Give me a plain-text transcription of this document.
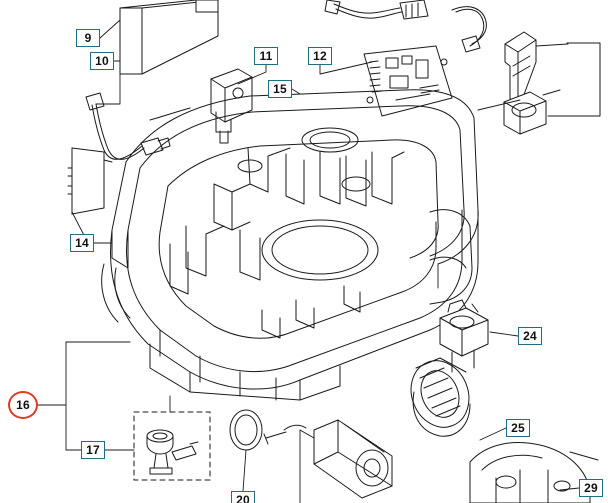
9
10	11	12
15
14
24
16
17
25
20
29
